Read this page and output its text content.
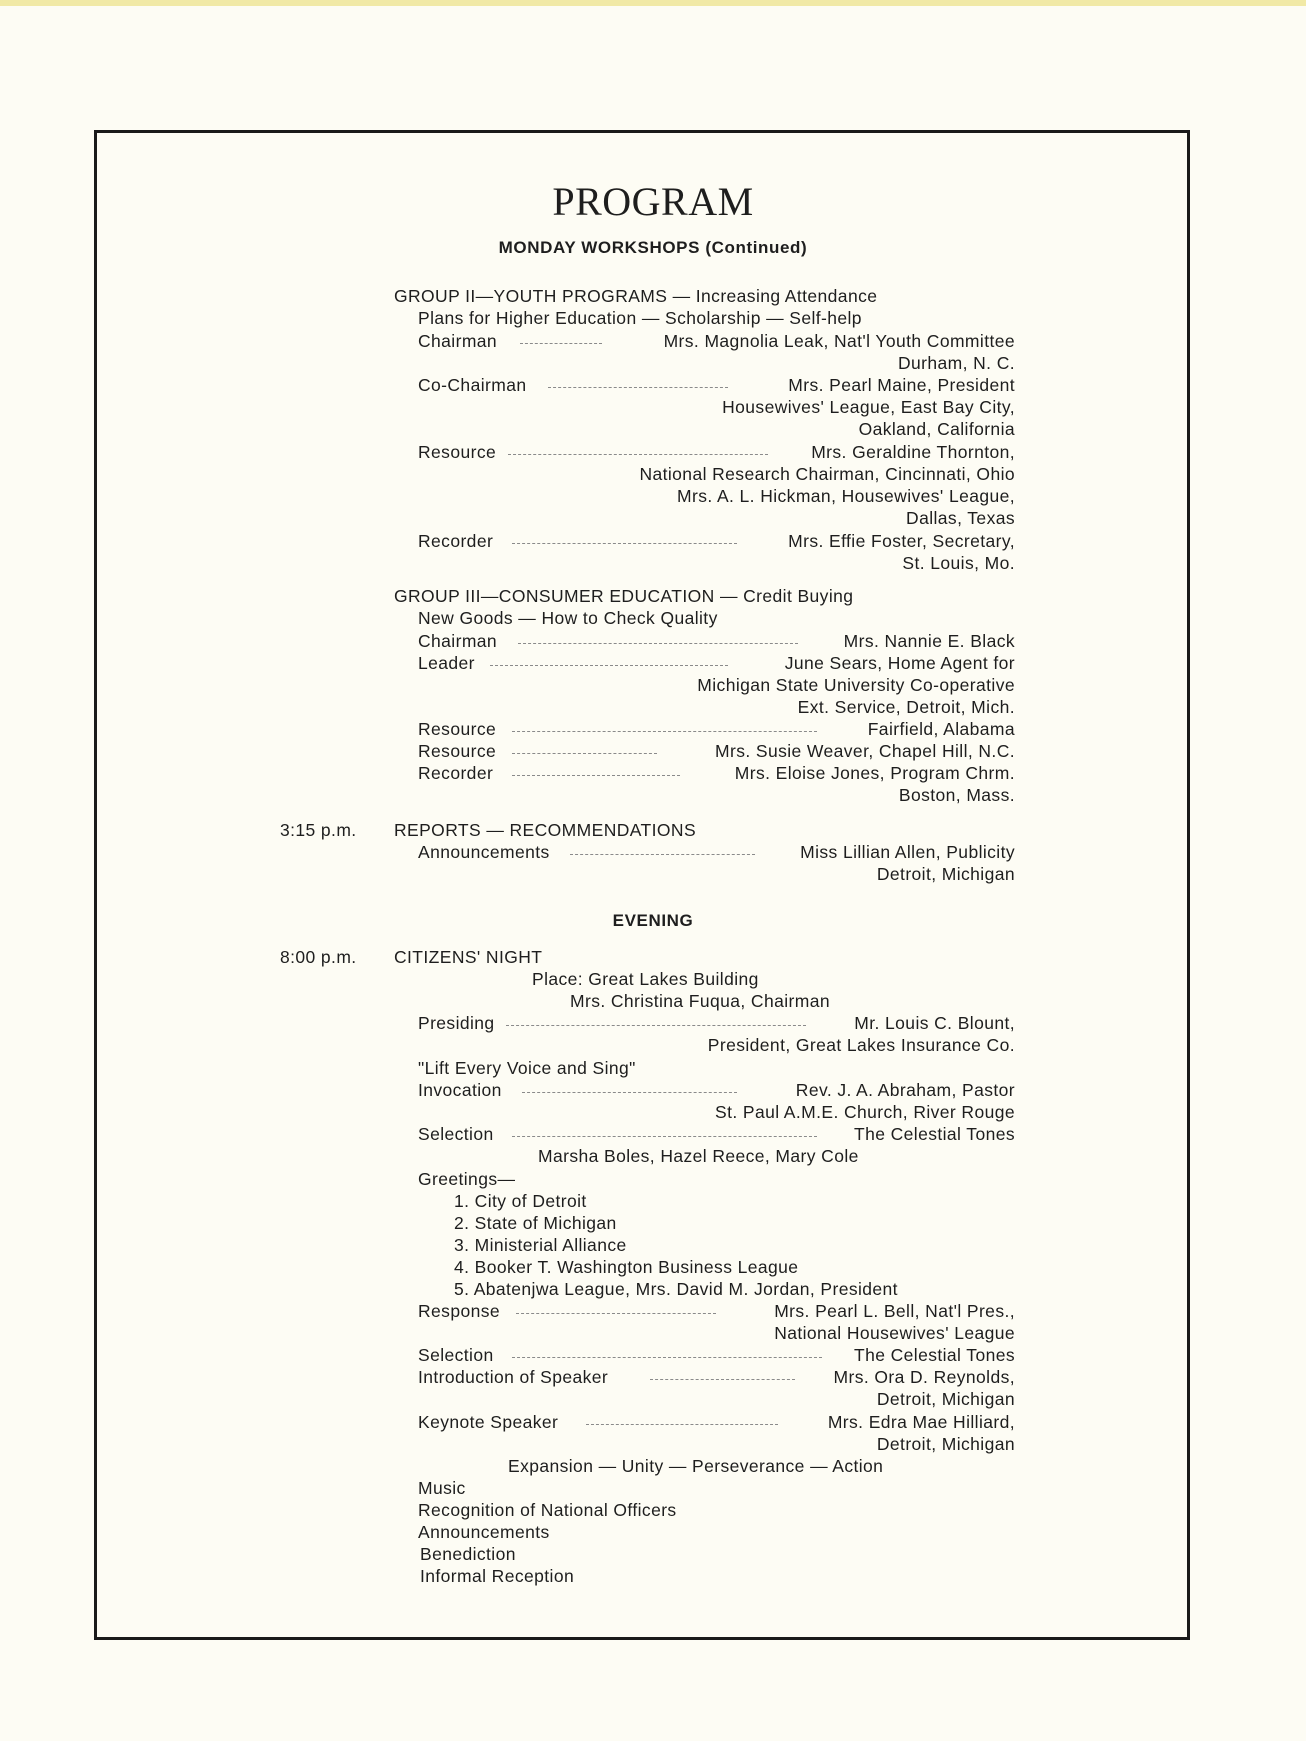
PROGRAM
MONDAY WORKSHOPS (Continued)
GROUP II—YOUTH PROGRAMS — Increasing Attendance
Plans for Higher Education — Scholarship — Self-help
Chairman	Mrs. Magnolia Leak, Nat'l Youth Committee
Durham, N. C.
Co-Chairman	Mrs. Pearl Maine, President
Housewives' League, East Bay City,
Oakland, California
Resource	Mrs. Geraldine Thornton,
National Research Chairman, Cincinnati, Ohio
Mrs. A. L. Hickman, Housewives' League,
Dallas, Texas
Recorder	Mrs. Effie Foster, Secretary,
St. Louis, Mo.
GROUP III—CONSUMER EDUCATION — Credit Buying
New Goods — How to Check Quality
Chairman	Mrs. Nannie E. Black
Leader	June Sears, Home Agent for
Michigan State University Co-operative
Ext. Service, Detroit, Mich.
Resource	Fairfield, Alabama
Resource	Mrs. Susie Weaver, Chapel Hill, N.C.
Recorder	Mrs. Eloise Jones, Program Chrm.
Boston, Mass.
3:15 p.m. REPORTS — RECOMMENDATIONS
Announcements	Miss Lillian Allen, Publicity
Detroit, Michigan
EVENING
8:00 p.m. CITIZENS' NIGHT
Place: Great Lakes Building
Mrs. Christina Fuqua, Chairman
Presiding	Mr. Louis C. Blount,
President, Great Lakes Insurance Co.
"Lift Every Voice and Sing"
Invocation	Rev. J. A. Abraham, Pastor
St. Paul A.M.E. Church, River Rouge
Selection	The Celestial Tones
Marsha Boles, Hazel Reece, Mary Cole
Greetings—
1. City of Detroit
2. State of Michigan
3. Ministerial Alliance
4. Booker T. Washington Business League
5. Abatenjwa League, Mrs. David M. Jordan, President
Response	Mrs. Pearl L. Bell, Nat'l Pres.,
National Housewives' League
Selection	The Celestial Tones
Introduction of Speaker	Mrs. Ora D. Reynolds,
Detroit, Michigan
Keynote Speaker	Mrs. Edra Mae Hilliard,
Detroit, Michigan
Expansion — Unity — Perseverance — Action
Music
Recognition of National Officers
Announcements
Benediction
Informal Reception
